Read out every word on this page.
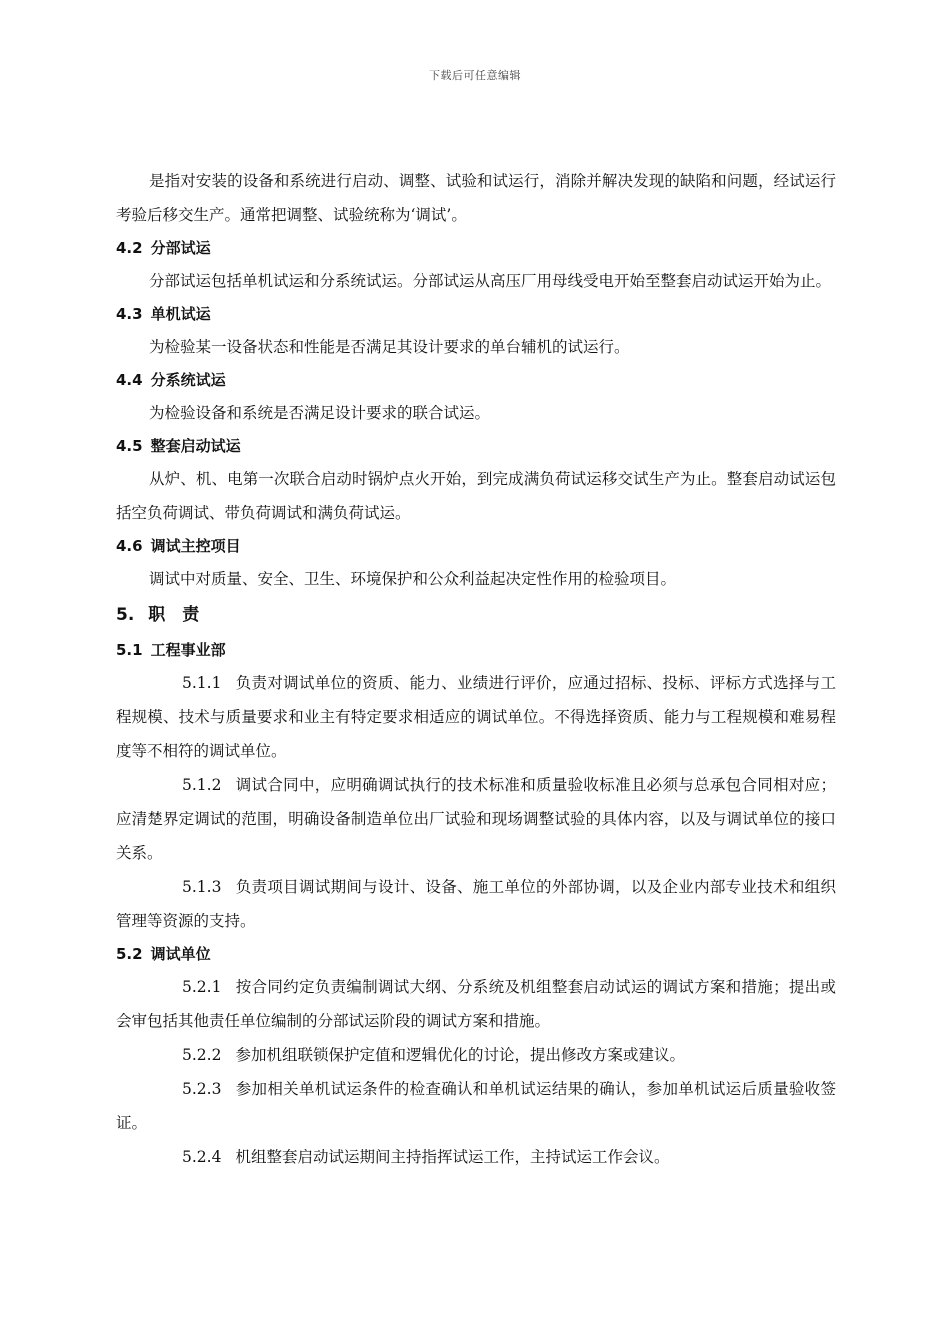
下载后可任意编辑

是指对安装的设备和系统进行启动、调整、试验和试运行，消除并解决发现的缺陷和问题，经试运行考验后移交生产。通常把调整、试验统称为‘调试’。

4.2 分部试运

分部试运包括单机试运和分系统试运。分部试运从高压厂用母线受电开始至整套启动试运开始为止。

4.3 单机试运

为检验某一设备状态和性能是否满足其设计要求的单台辅机的试运行。

4.4 分系统试运

为检验设备和系统是否满足设计要求的联合试运。

4.5 整套启动试运

从炉、机、电第一次联合启动时锅炉点火开始，到完成满负荷试运移交试生产为止。整套启动试运包括空负荷调试、带负荷调试和满负荷试运。

4.6 调试主控项目

调试中对质量、安全、卫生、环境保护和公众利益起决定性作用的检验项目。

5. 职　责
5.1 工程事业部

5.1.1 负责对调试单位的资质、能力、业绩进行评价，应通过招标、投标、评标方式选择与工程规模、技术与质量要求和业主有特定要求相适应的调试单位。不得选择资质、能力与工程规模和难易程度等不相符的调试单位。

5.1.2 调试合同中，应明确调试执行的技术标准和质量验收标准且必须与总承包合同相对应；应清楚界定调试的范围，明确设备制造单位出厂试验和现场调整试验的具体内容，以及与调试单位的接口关系。

5.1.3 负责项目调试期间与设计、设备、施工单位的外部协调，以及企业内部专业技术和组织管理等资源的支持。

5.2 调试单位

5.2.1 按合同约定负责编制调试大纲、分系统及机组整套启动试运的调试方案和措施；提出或会审包括其他责任单位编制的分部试运阶段的调试方案和措施。

5.2.2 参加机组联锁保护定值和逻辑优化的讨论，提出修改方案或建议。

5.2.3 参加相关单机试运条件的检查确认和单机试运结果的确认，参加单机试运后质量验收签证。

5.2.4 机组整套启动试运期间主持指挥试运工作，主持试运工作会议。
